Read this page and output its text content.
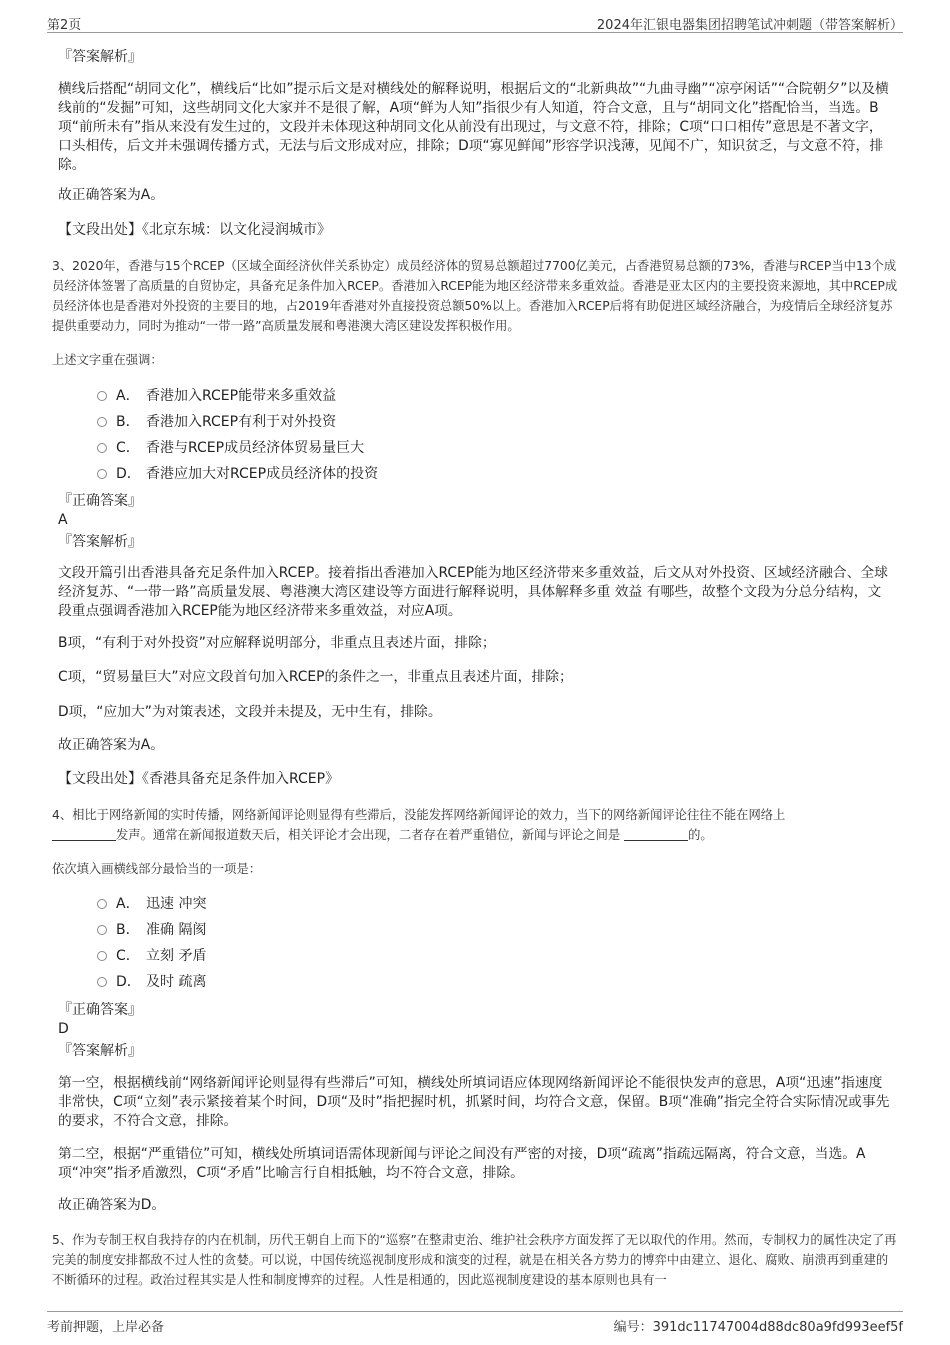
第2页	2024年汇银电器集团招聘笔试冲刺题（带答案解析）
『答案解析』

横线后搭配“胡同文化”，横线后“比如”提示后文是对横线处的解释说明，根据后文的“北新典故”“九曲寻幽”“凉亭闲话”“合院朝夕”以及横线前的“发掘”可知，这些胡同文化大家并不是很了解，A项“鲜为人知”指很少有人知道，符合文意，且与“胡同文化”搭配恰当，当选。B项“前所未有”指从来没有发生过的，文段并未体现这种胡同文化从前没有出现过，与文意不符，排除；C项“口口相传”意思是不著文字，口头相传，后文并未强调传播方式，无法与后文形成对应，排除；D项“寡见鲜闻”形容学识浅薄，见闻不广，知识贫乏，与文意不符，排除。

故正确答案为A。

【文段出处】《北京东城：以文化浸润城市》

3、2020年，香港与15个RCEP（区域全面经济伙伴关系协定）成员经济体的贸易总额超过7700亿美元，占香港贸易总额的73%，香港与RCEP当中13个成员经济体签署了高质量的自贸协定，具备充足条件加入RCEP。香港加入RCEP能为地区经济带来多重效益。香港是亚太区内的主要投资来源地，其中RCEP成员经济体也是香港对外投资的主要目的地，占2019年香港对外直接投资总额50%以上。香港加入RCEP后将有助促进区域经济融合，为疫情后全球经济复苏提供重要动力，同时为推动“一带一路”高质量发展和粤港澳大湾区建设发挥积极作用。

上述文字重在强调：

A． 香港加入RCEP能带来多重效益
B． 香港加入RCEP有利于对外投资
C． 香港与RCEP成员经济体贸易量巨大
D． 香港应加大对RCEP成员经济体的投资
『正确答案』
A
『答案解析』

文段开篇引出香港具备充足条件加入RCEP。接着指出香港加入RCEP能为地区经济带来多重效益，后文从对外投资、区域经济融合、全球经济复苏、“一带一路”高质量发展、粤港澳大湾区建设等方面进行解释说明，具体解释多重 效益 有哪些，故整个文段为分总分结构，文段重点强调香港加入RCEP能为地区经济带来多重效益，对应A项。

B项，“有利于对外投资”对应解释说明部分，非重点且表述片面，排除；

C项，“贸易量巨大”对应文段首句加入RCEP的条件之一，非重点且表述片面，排除；

D项，“应加大”为对策表述，文段并未提及，无中生有，排除。

故正确答案为A。

【文段出处】《香港具备充足条件加入RCEP》

4、相比于网络新闻的实时传播，网络新闻评论则显得有些滞后，没能发挥网络新闻评论的效力，当下的网络新闻评论往往不能在网络上
发声。通常在新闻报道数天后，相关评论才会出现，二者存在着严重错位，新闻与评论之间是	的。

依次填入画横线部分最恰当的一项是：

A． 迅速 冲突
B． 准确 隔阂
C． 立刻 矛盾
D． 及时 疏离
『正确答案』
D
『答案解析』

第一空，根据横线前“网络新闻评论则显得有些滞后”可知，横线处所填词语应体现网络新闻评论不能很快发声的意思，A项“迅速”指速度非常快，C项“立刻”表示紧接着某个时间，D项“及时”指把握时机，抓紧时间，均符合文意，保留。B项“准确”指完全符合实际情况或事先的要求，不符合文意，排除。

第二空，根据“严重错位”可知，横线处所填词语需体现新闻与评论之间没有严密的对接，D项“疏离”指疏远隔离，符合文意，当选。A项“冲突”指矛盾激烈，C项“矛盾”比喻言行自相抵触，均不符合文意，排除。

故正确答案为D。

5、作为专制王权自我持存的内在机制，历代王朝自上而下的“巡察”在整肃吏治、维护社会秩序方面发挥了无以取代的作用。然而，专制权力的属性决定了再完美的制度安排都敌不过人性的贪婪。可以说，中国传统巡视制度形成和演变的过程，就是在相关各方势力的博弈中由建立、退化、腐败、崩溃再到重建的不断循环的过程。政治过程其实是人性和制度博弈的过程。人性是相通的，因此巡视制度建设的基本原则也具有一

考前押题，上岸必备	编号：391dc11747004d88dc80a9fd993eef5f
